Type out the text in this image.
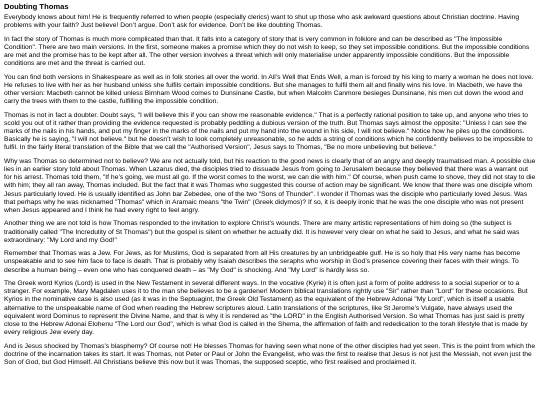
Doubting Thomas

Everybody knows about him! He is frequently referred to when people (especially clerics) want to shut up those who ask awkward questions about Christian doctrine. Having problems with your faith? Just believe! Don’t argue. Don’t ask for evidence. Don’t be like doubting Thomas.

In fact the story of Thomas is much more complicated than that. It falls into a category of story that is very common in folklore and can be described as "The Impossible Condition". There are two main versions. In the first, someone makes a promise which they do not wish to keep, so they set impossible conditions. But the impossible conditions are met and the promise has to be kept after all. The other version involves a threat which will only materialise under apparently impossible conditions. But the impossible conditions are met and the threat is carried out.

You can find both versions in Shakespeare as well as in folk stories all over the world. In All’s Well that Ends Well, a man is forced by his king to marry a woman he does not love. He refuses to live with her as her husband unless she fulfils certain impossible conditions. But she manages to fulfil them all and finally wins his love. In Macbeth, we have the other version: Macbeth cannot be killed unless Birnham Wood comes to Dunsinane Castle, but when Malcolm Canmore besieges Dunsinane, his men cut down the wood and carry the trees with them to the castle, fulfilling the impossible condition.

Thomas is not in fact a doubter. Doubt says, "I will believe this if you can show me reasonable evidence." That is a perfectly rational position to take up, and anyone who tries to scold you out of it rather than providing the evidence requested is probably peddling a dubious version of the truth. But Thomas says almost the opposite: "Unless I can see the marks of the nails in his hands, and put my finger in the marks of the nails and put my hand into the wound in his side, I will not believe." Notice how he piles up the conditions. Basically he is saying, "I will not believe." but he doesn’t wish to look completely unreasonable, so he adds a string of conditions which he confidently believes to be impossible to fulfil. In the fairly literal translation of the Bible that we call the "Authorised Version", Jesus says to Thomas, "Be no more unbelieving but believe."

Why was Thomas so determined not to believe? We are not actually told, but his reaction to the good news is clearly that of an angry and deeply traumatised man. A possible clue lies in an earlier story told about Thomas. When Lazarus died, the disciples tried to dissuade Jesus from going to Jerusalem because they believed that there was a warrant out for his arrest. Thomas told them, "If he’s going, we must all go. If the worst comes to the worst, we can die with him." Of course, when push came to shove, they did not stay to die with him; they all ran away, Thomas included. But the fact that it was Thomas who suggested this course of action may be significant. We know that there was one disciple whom Jesus particularly loved. He is usually identified as John bar Zebedee, one of the two "Sons of Thunder". I wonder if Thomas was the disciple who particularly loved Jesus. Was that perhaps why he was nicknamed "Thomas" which in Aramaic means "the Twin" (Greek didymos)? If so, it is deeply ironic that he was the one disciple who was not present when Jesus appeared and I think he had every right to feel angry.

Another thing we are not told is how Thomas responded to the invitation to explore Christ’s wounds. There are many artistic representations of him doing so (the subject is traditionally called "The Incredulity of St Thomas") but the gospel is silent on whether he actually did. It is however very clear on what he said to Jesus, and what he said was extraordinary: "My Lord and my God!"

Remember that Thomas was a Jew. For Jews, as for Muslims, God is separated from all His creatures by an unbridgeable gulf. He is so holy that His very name has become unspeakable and to see him face to face is death. That is probably why Isaiah describes the seraphs who worship in God’s presence covering their faces with their wings. To describe a human being – even one who has conquered death – as "My God" is shocking. And "My Lord" is hardly less so.

The Greek word Kyrios (Lord) is used in the New Testament in several different ways. In the vocative (Kyrie) it is often just a form of polite address to a social superior or to a stranger. For example, Mary Magdalen uses it to the man she believes to be a gardener! Modern biblical translations rightly use "Sir" rather than "Lord" for these occasions. But Kyrios in the nominative case is also used (as it was in the Septuagint, the Greek Old Testament) as the equivalent of the Hebrew Adonai "My Lord", which is itself a usable alternative to the unspeakable name of God when reading the Hebrew scriptures aloud. Latin translations of the scriptures, like St Jerome’s Vulgate, have always used the equivalent word Dominus to represent the Divine Name, and that is why it is rendered as "the LORD" in the English Authorised Version. So what Thomas has just said is pretty close to the Hebrew Adonai Elohenu "The Lord our God", which is what God is called in the Shema, the affirmation of faith and rededication to the torah lifestyle that is made by every religious Jew every day.

And is Jesus shocked by Thomas’s blasphemy? Of course not! He blesses Thomas for having seen what none of the other disciples had yet seen. This is the point from which the doctrine of the incarnation takes its start. It was Thomas, not Peter or Paul or John the Evangelist, who was the first to realise that Jesus is not just the Messiah, not even just the Son of God, but God Himself. All Christians believe this now but it was Thomas, the supposed sceptic, who first realised and proclaimed it.
